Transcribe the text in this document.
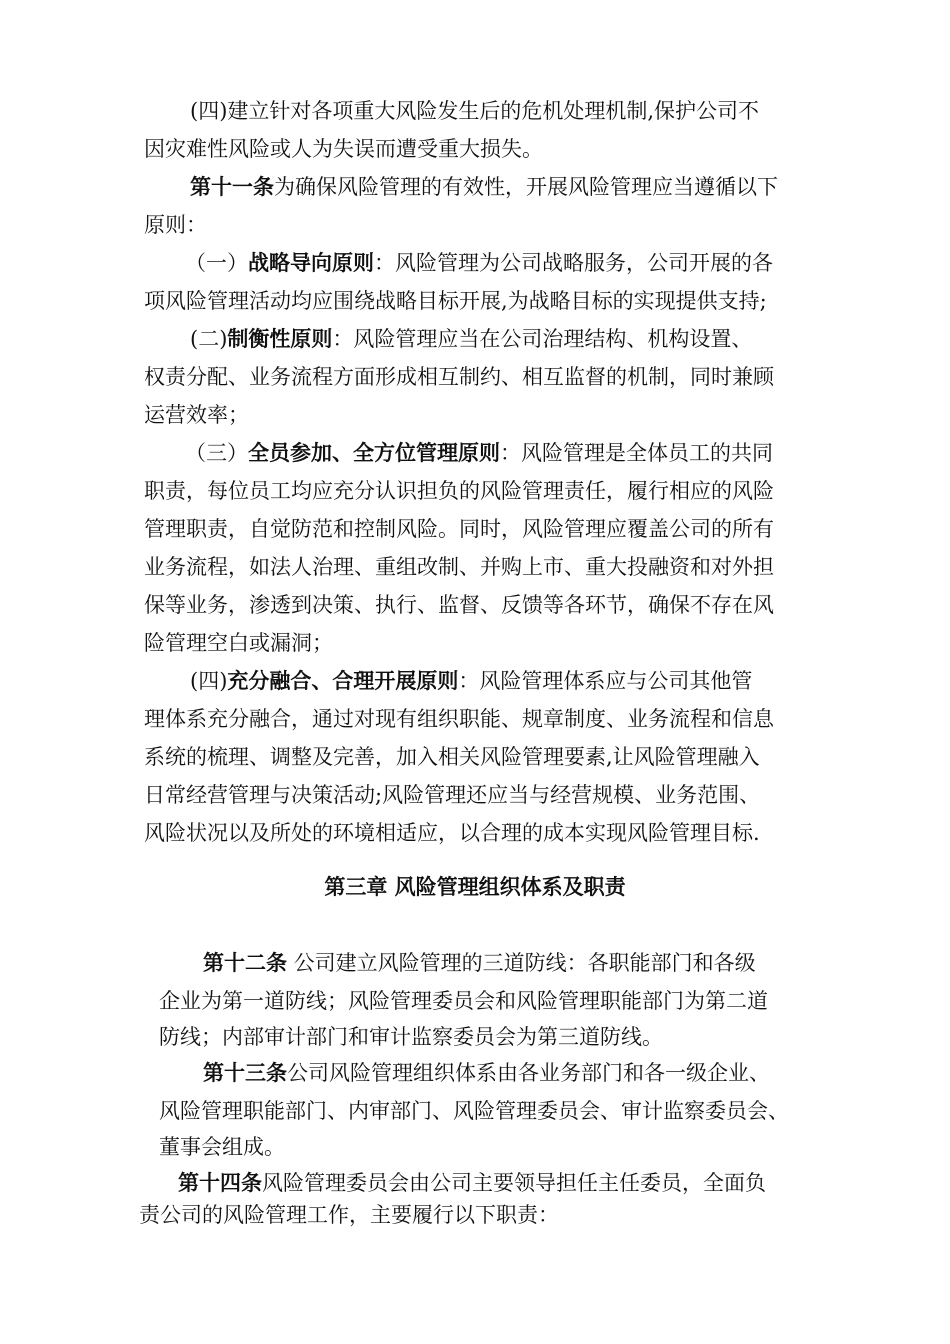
(四)建立针对各项重大风险发生后的危机处理机制,保护公司不
因灾难性风险或人为失误而遭受重大损失。
第十一条为确保风险管理的有效性，开展风险管理应当遵循以下
原则：
（一）战略导向原则：风险管理为公司战略服务，公司开展的各
项风险管理活动均应围绕战略目标开展,为战略目标的实现提供支持;
(二)制衡性原则：风险管理应当在公司治理结构、机构设置、
权责分配、业务流程方面形成相互制约、相互监督的机制，同时兼顾
运营效率；
（三）全员参加、全方位管理原则：风险管理是全体员工的共同
职责，每位员工均应充分认识担负的风险管理责任，履行相应的风险
管理职责，自觉防范和控制风险。同时，风险管理应覆盖公司的所有
业务流程，如法人治理、重组改制、并购上市、重大投融资和对外担
保等业务，渗透到决策、执行、监督、反馈等各环节，确保不存在风
险管理空白或漏洞；
(四)充分融合、合理开展原则：风险管理体系应与公司其他管
理体系充分融合，通过对现有组织职能、规章制度、业务流程和信息
系统的梳理、调整及完善，加入相关风险管理要素,让风险管理融入
日常经营管理与决策活动;风险管理还应当与经营规模、业务范围、
风险状况以及所处的环境相适应，以合理的成本实现风险管理目标.
第三章 风险管理组织体系及职责
第十二条 公司建立风险管理的三道防线：各职能部门和各级
企业为第一道防线；风险管理委员会和风险管理职能部门为第二道
防线；内部审计部门和审计监察委员会为第三道防线。
第十三条公司风险管理组织体系由各业务部门和各一级企业、
风险管理职能部门、内审部门、风险管理委员会、审计监察委员会、
董事会组成。
第十四条风险管理委员会由公司主要领导担任主任委员，全面负
责公司的风险管理工作，主要履行以下职责：
